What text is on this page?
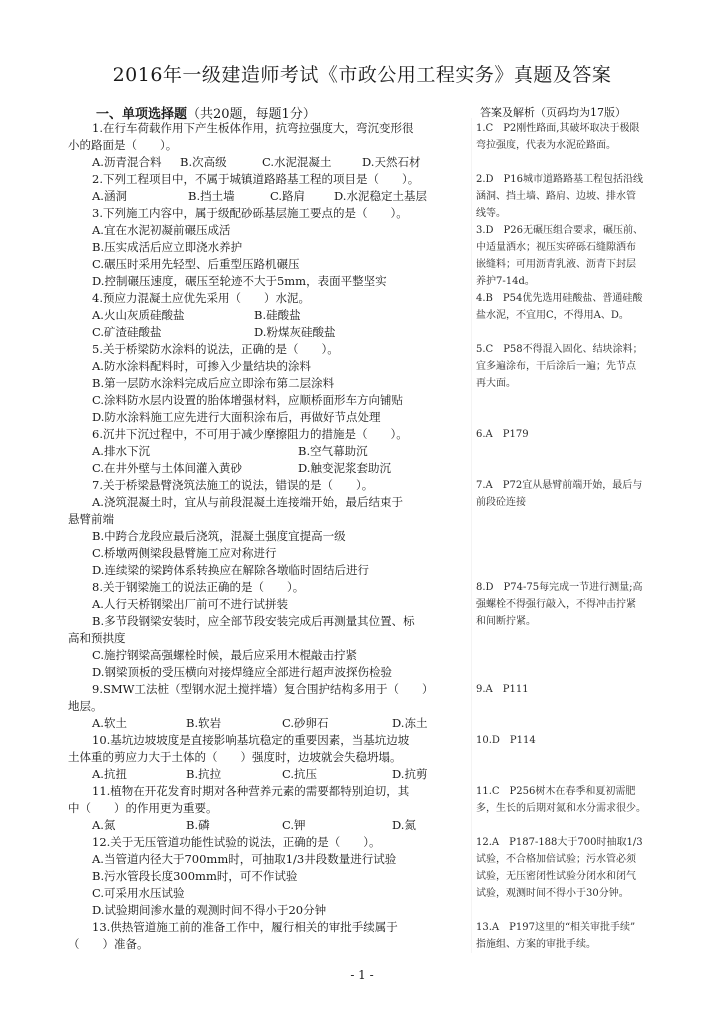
2016年一级建造师考试《市政公用工程实务》真题及答案
一、单项选择题（共20题，每题1分）	答案及解析（页码均为17版）

1.在行车荷载作用下产生板体作用，抗弯拉强度大，弯沉变形很

小的路面是（　　）。

A.沥青混合料	B.次高级	C.水泥混凝土	D.天然石材

2.下列工程项目中，不属于城镇道路路基工程的项目是（　　）。

A.涵洞	B.挡土墙	C.路肩	D.水泥稳定土基层

3.下列施工内容中，属于级配砂砾基层施工要点的是（　　）。

A.宜在水泥初凝前碾压成活

B.压实成活后应立即浇水养护

C.碾压时采用先轻型、后重型压路机碾压

D.控制碾压速度，碾压至轮迹不大于5mm，表面平整坚实

4.预应力混凝土应优先采用（　　）水泥。

A.火山灰质硅酸盐	B.硅酸盐
C.矿渣硅酸盐	D.粉煤灰硅酸盐

5.关于桥梁防水涂料的说法，正确的是（　　）。

A.防水涂料配料时，可掺入少量结块的涂料

B.第一层防水涂料完成后应立即涂布第二层涂料

C.涂料防水层内设置的胎体增强材料，应顺桥面形车方向铺贴

D.防水涂料施工应先进行大面积涂布后，再做好节点处理

6.沉井下沉过程中，不可用于减少摩擦阻力的措施是（　　）。

A.排水下沉	B.空气幕助沉
C.在井外壁与土体间灌入黄砂	D.触变泥浆套助沉

7.关于桥梁悬臂浇筑法施工的说法，错误的是（　　）。

A.浇筑混凝土时，宜从与前段混凝土连接端开始，最后结束于

悬臂前端

B.中跨合龙段应最后浇筑，混凝土强度宜提高一级

C.桥墩两侧梁段悬臂施工应对称进行

D.连续梁的梁跨体系转换应在解除各墩临时固结后进行

8.关于钢梁施工的说法正确的是（　　）。

A.人行天桥钢梁出厂前可不进行试拼装

B.多节段钢梁安装时，应全部节段安装完成后再测量其位置、标

高和预拱度

C.施拧钢梁高强螺栓时候，最后应采用木棍敲击拧紧

D.钢梁顶板的受压横向对接焊缝应全部进行超声波探伤检验

9.SMW工法桩（型钢水泥土搅拌墙）复合围护结构多用于（　　）

地层。

A.软土	B.软岩	C.砂卵石	D.冻土

10.基坑边坡坡度是直接影响基坑稳定的重要因素，当基坑边坡

土体重的剪应力大于土体的（　　）强度时，边坡就会失稳坍塌。

A.抗扭	B.抗拉	C.抗压	D.抗剪

11.植物在开花发育时期对各种营养元素的需要都特别迫切，其

中（　　）的作用更为重要。

A.氮	B.磷	C.钾	D.氮

12.关于无压管道功能性试验的说法，正确的是（　　）。

A.当管道内径大于700mm时，可抽取1/3井段数量进行试验

B.污水管段长度300mm时，可不作试验

C.可采用水压试验

D.试验期间渗水量的观测时间不得小于20分钟

13.供热管道施工前的准备工作中，履行相关的审批手续属于

（　　）准备。

1.C　P2刚性路面,其破坏取决于极限

弯拉强度，代表为水泥砼路面。

2.D　P16城市道路路基工程包括沿线

涵洞、挡土墙、路肩、边坡、排水管

线等。

3.D　P26无碾压组合要求，碾压前、

中适量洒水；视压实碎砾石缝隙洒布

嵌缝料；可用沥青乳液、沥青下封层

养护7-14d。

4.B　P54优先选用硅酸盐、普通硅酸

盐水泥，不宜用C，不得用A、D。

5.C　P58不得混入固化、结块涂料；

宜多遍涂布，干后涂后一遍；先节点

再大面。

6.A　P179

7.A　P72宜从悬臂前端开始，最后与

前段砼连接

8.D　P74-75每完成一节进行测量;高

强螺栓不得强行敲入，不得冲击拧紧

和间断拧紧。

9.A　P111

10.D　P114

11.C　P256树木在春季和夏初需肥

多，生长的后期对氮和水分需求很少。

12.A　P187-188大于700时抽取1/3

试验，不合格加倍试验；污水管必须

试验，无压密闭性试验分闭水和闭气

试验，观测时间不得小于30分钟。

13.A　P197这里的“相关审批手续”

指施组、方案的审批手续。

- 1 -
